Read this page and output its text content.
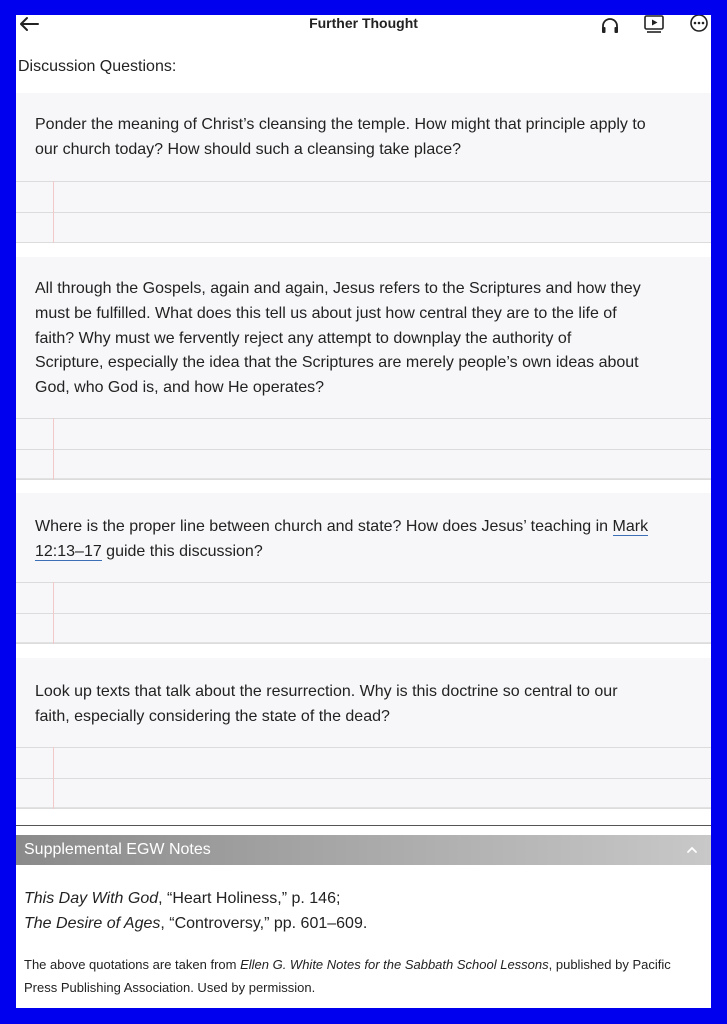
Further Thought
Discussion Questions:
Ponder the meaning of Christ’s cleansing the temple. How might that principle apply to
our church today? How should such a cleansing take place?
All through the Gospels, again and again, Jesus refers to the Scriptures and how they
must be fulfilled. What does this tell us about just how central they are to the life of
faith? Why must we fervently reject any attempt to downplay the authority of
Scripture, especially the idea that the Scriptures are merely people’s own ideas about
God, who God is, and how He operates?
Where is the proper line between church and state? How does Jesus’ teaching in Mark
12:13–17 guide this discussion?
Look up texts that talk about the resurrection. Why is this doctrine so central to our
faith, especially considering the state of the dead?
Supplemental EGW Notes
This Day With God, “Heart Holiness,” p. 146;
The Desire of Ages, “Controversy,” pp. 601–609.
The above quotations are taken from Ellen G. White Notes for the Sabbath School Lessons, published by Pacific
Press Publishing Association. Used by permission.
